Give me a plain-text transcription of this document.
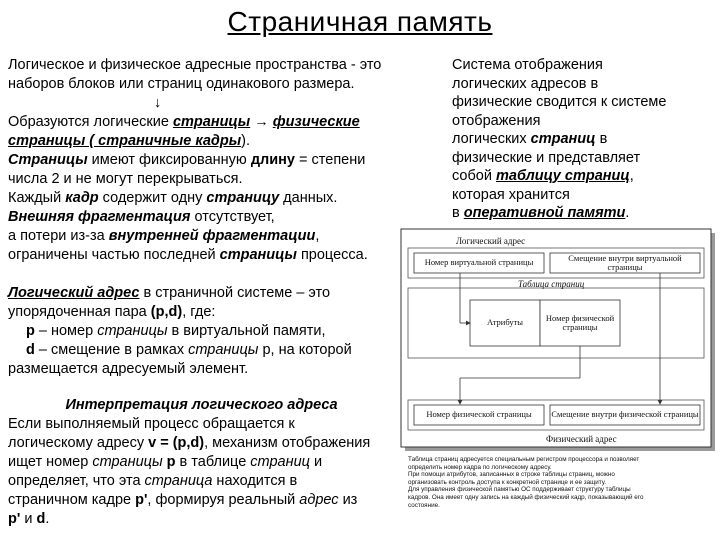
Страничная память
Логическое и физическое адресные пространства - это
наборов блоков или страниц одинакового размера.
↓
Образуются логические страницы → физические
страницы ( страничные кадры).
Страницы имеют фиксированную длину = степени
числа 2 и не могут перекрываться.
Каждый кадр содержит одну страницу данных.
Внешняя фрагментация отсутствует,
а потери из-за внутренней фрагментации,
ограничены частью последней страницы процесса.
Система отображения
логических адресов в
физические сводится к системе
отображения
логических страниц в
физические и представляет
собой таблицу страниц,
которая хранится
в оперативной памяти.
Логический адрес в страничной системе – это
упорядоченная пара (p,d), где:
p – номер страницы в виртуальной памяти,
d – смещение в рамках страницы p, на которой
размещается адресуемый элемент.
Интерпретация логического адреса
Если выполняемый процесс обращается к
логическому адресу v = (p,d), механизм отображения
ищет номер страницы p в таблице страниц и
определяет, что эта страница находится в
страничном кадре p', формируя реальный адрес из
p' и d.
Логический адрес
Номер виртуальной страницы	Смещение внутри виртуальной страницы
Таблица страниц
Атрибуты	Номер физической страницы
Номер физической страницы	Смещение внутри физической страницы
Физический адрес
Таблица страниц адресуется специальным регистром процессора и позволяет
определить номер кадра по логическому адресу.
При помощи атрибутов, записанных в строке таблицы страниц, можно
организовать контроль доступа к конкретной странице и ее защиту.
Для управления физической памятью ОС поддерживает структуру таблицы
кадров. Она имеет одну запись на каждый физический кадр, показывающий его
состояние.
